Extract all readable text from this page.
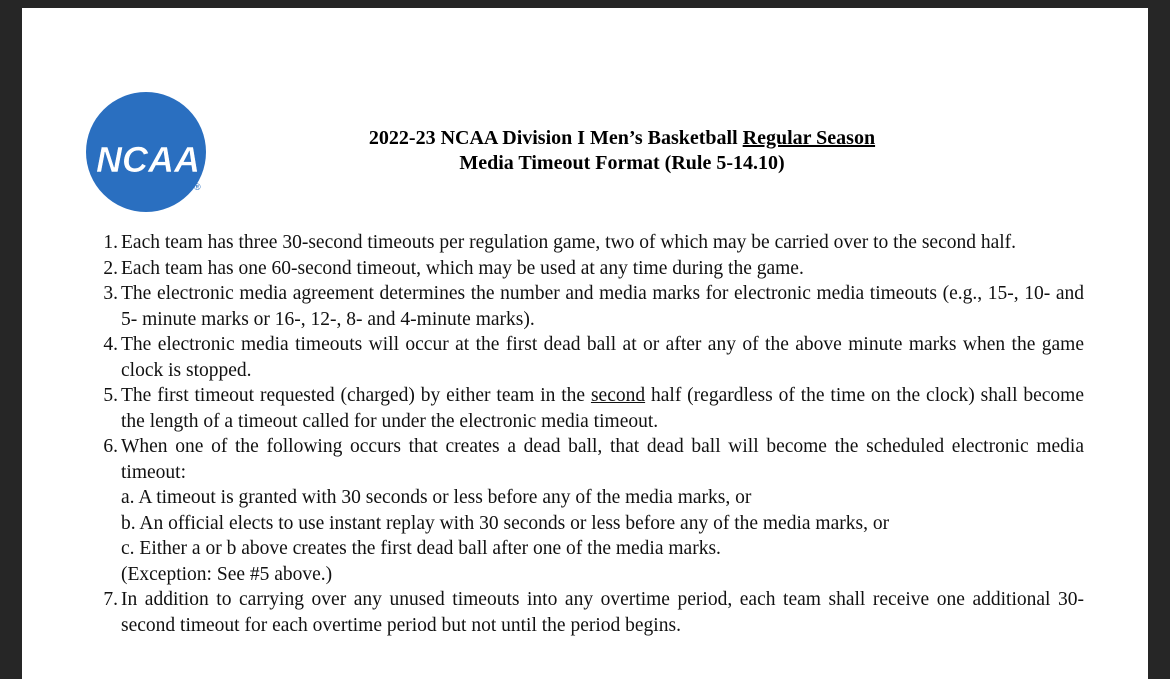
NCAA
®
2022-23 NCAA Division I Men’s Basketball Regular Season
Media Timeout Format (Rule 5-14.10)
1. Each team has three 30-second timeouts per regulation game, two of which may be carried over to the second half.
2. Each team has one 60-second timeout, which may be used at any time during the game.
3. The electronic media agreement determines the number and media marks for electronic media timeouts (e.g., 15-, 10- and 5- minute marks or 16-, 12-, 8- and 4-minute marks).
4. The electronic media timeouts will occur at the first dead ball at or after any of the above minute marks when the game clock is stopped.
5. The first timeout requested (charged) by either team in the second half (regardless of the time on the clock) shall become the length of a timeout called for under the electronic media timeout.
6. When one of the following occurs that creates a dead ball, that dead ball will become the scheduled electronic media timeout:
a. A timeout is granted with 30 seconds or less before any of the media marks, or
b. An official elects to use instant replay with 30 seconds or less before any of the media marks, or
c. Either a or b above creates the first dead ball after one of the media marks.
(Exception: See #5 above.)
7. In addition to carrying over any unused timeouts into any overtime period, each team shall receive one additional 30-second timeout for each overtime period but not until the period begins.
